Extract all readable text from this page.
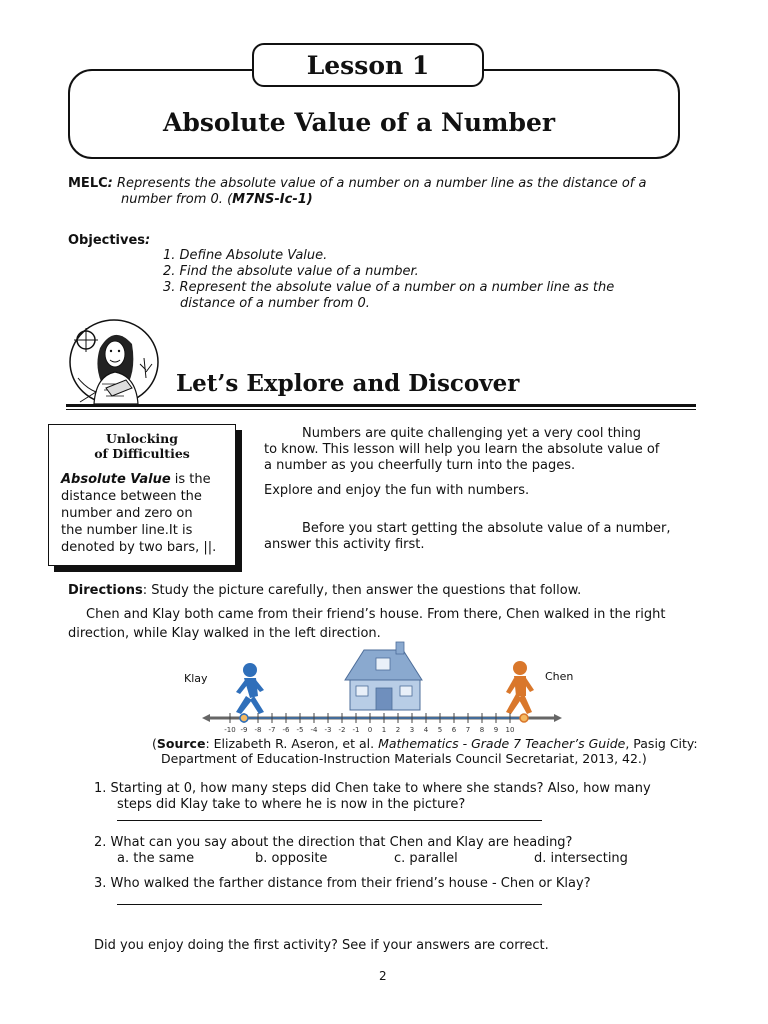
Lesson 1
Absolute Value of a Number
MELC: Represents the absolute value of a number on a number line as the distance of a
number from 0. (M7NS-Ic-1)
Objectives:
1. Define Absolute Value.
2. Find the absolute value of a number.
3. Represent the absolute value of a number on a number line as the
distance of a number from 0.
Let’s Explore and Discover
Unlocking
of Difficulties
Absolute Value is the
distance between the
number and zero on
the number line.It is
denoted by two bars, ||.
Numbers are quite challenging yet a very cool thing
to know. This lesson will help you learn the absolute value of
a number as you cheerfully turn into the pages.
Explore and enjoy the fun with numbers.
Before you start getting the absolute value of a number,
answer this activity first.
Directions: Study the picture carefully, then answer the questions that follow.
Chen and Klay both came from their friend’s house. From there, Chen walked in the right
direction, while Klay walked in the left direction.
Klay	Chen
-10 -9 -8 -7 -6 -5 -4 -3 -2 -1 0 1 2 3 4 5 6 7 8 9 10
(Source: Elizabeth R. Aseron, et al. Mathematics - Grade 7 Teacher’s Guide, Pasig City:
Department of Education-Instruction Materials Council Secretariat, 2013, 42.)
1. Starting at 0, how many steps did Chen take to where she stands? Also, how many
steps did Klay take to where he is now in the picture?
2. What can you say about the direction that Chen and Klay are heading?
a. the same	b. opposite	c. parallel	d. intersecting
3. Who walked the farther distance from their friend’s house - Chen or Klay?
Did you enjoy doing the first activity? See if your answers are correct.
2
